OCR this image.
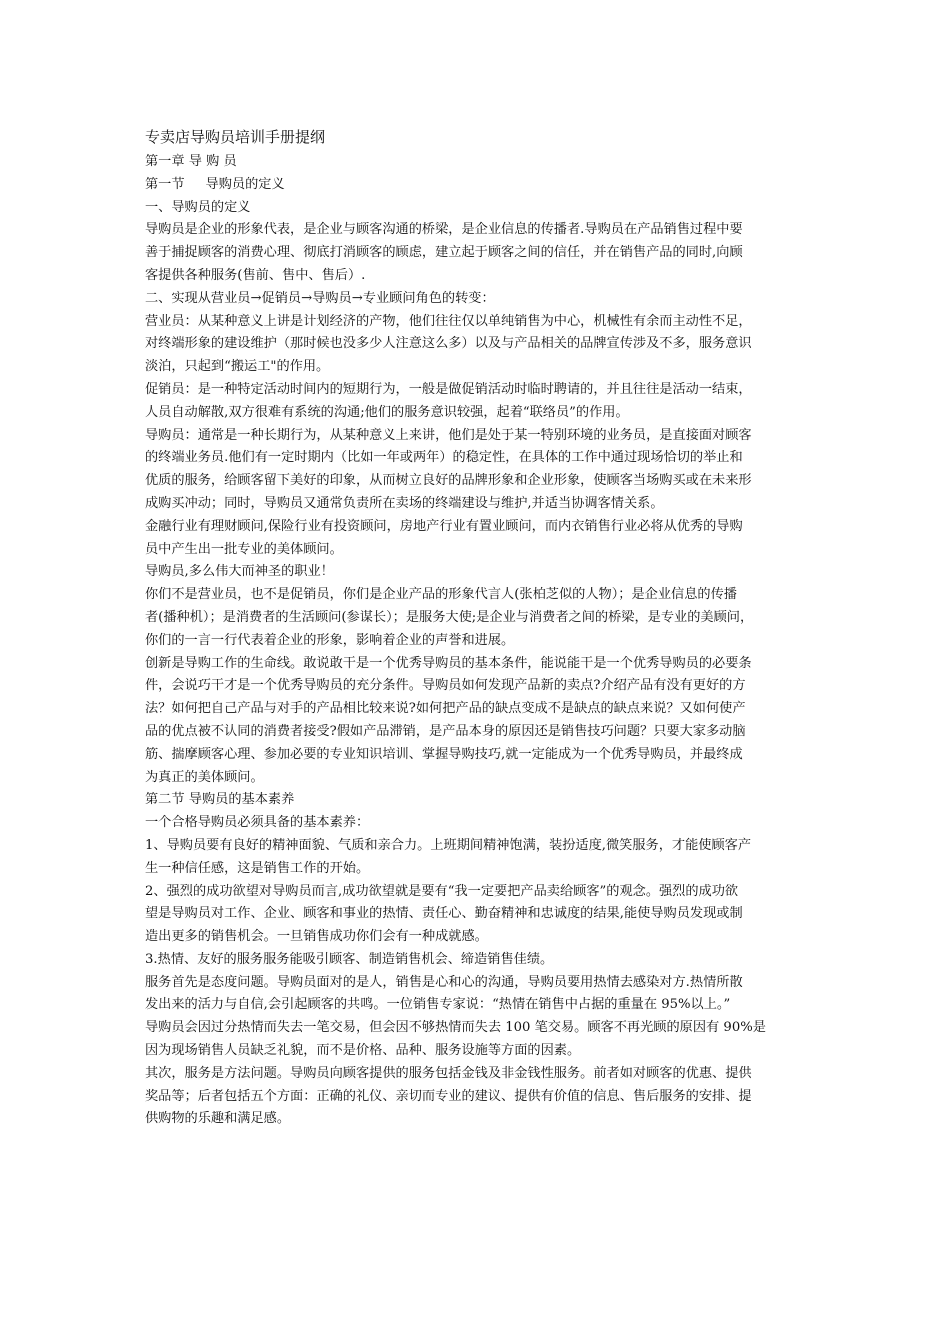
专卖店导购员培训手册提纲

第一章 导 购 员

第一节     导购员的定义

一、导购员的定义

导购员是企业的形象代表，是企业与顾客沟通的桥梁，是企业信息的传播者.导购员在产品销售过程中要

善于捕捉顾客的消费心理、彻底打消顾客的顾虑，建立起于顾客之间的信任，并在销售产品的同时,向顾

客提供各种服务(售前、售中、售后）.

二、实现从营业员→促销员→导购员→专业顾问角色的转变：

营业员：从某种意义上讲是计划经济的产物，他们往往仅以单纯销售为中心，机械性有余而主动性不足，

对终端形象的建设维护（那时候也没多少人注意这么多）以及与产品相关的品牌宣传涉及不多，服务意识

淡泊，只起到“搬运工"的作用。

促销员：是一种特定活动时间内的短期行为，一般是做促销活动时临时聘请的，并且往往是活动一结束，

人员自动解散,双方很难有系统的沟通;他们的服务意识较强，起着“联络员”的作用。

导购员：通常是一种长期行为，从某种意义上来讲，他们是处于某一特别环境的业务员，是直接面对顾客

的终端业务员.他们有一定时期内（比如一年或两年）的稳定性，在具体的工作中通过现场恰切的举止和

优质的服务，给顾客留下美好的印象，从而树立良好的品牌形象和企业形象，使顾客当场购买或在未来形

成购买冲动；同时，导购员又通常负责所在卖场的终端建设与维护,并适当协调客情关系。

金融行业有理财顾问,保险行业有投资顾问，房地产行业有置业顾问，而内衣销售行业必将从优秀的导购

员中产生出一批专业的美体顾问。

导购员,多么伟大而神圣的职业！

你们不是营业员，也不是促销员，你们是企业产品的形象代言人(张柏芝似的人物）；是企业信息的传播

者(播种机）；是消费者的生活顾问(参谋长）；是服务大使;是企业与消费者之间的桥梁，是专业的美顾问，

你们的一言一行代表着企业的形象，影响着企业的声誉和进展。

创新是导购工作的生命线。敢说敢干是一个优秀导购员的基本条件，能说能干是一个优秀导购员的必要条

件，会说巧干才是一个优秀导购员的充分条件。导购员如何发现产品新的卖点?介绍产品有没有更好的方

法？如何把自己产品与对手的产品相比较来说?如何把产品的缺点变成不是缺点的缺点来说？又如何使产

品的优点被不认同的消费者接受?假如产品滞销，是产品本身的原因还是销售技巧问题？只要大家多动脑

筋、揣摩顾客心理、参加必要的专业知识培训、掌握导购技巧,就一定能成为一个优秀导购员，并最终成

为真正的美体顾问。

第二节 导购员的基本素养

一个合格导购员必须具备的基本素养：

1、导购员要有良好的精神面貌、气质和亲合力。上班期间精神饱满，装扮适度,微笑服务，才能使顾客产

生一种信任感，这是销售工作的开始。

2、强烈的成功欲望对导购员而言,成功欲望就是要有“我一定要把产品卖给顾客”的观念。强烈的成功欲

望是导购员对工作、企业、顾客和事业的热情、责任心、勤奋精神和忠诚度的结果,能使导购员发现或制

造出更多的销售机会。一旦销售成功你们会有一种成就感。

3.热情、友好的服务服务能吸引顾客、制造销售机会、缔造销售佳绩。

服务首先是态度问题。导购员面对的是人，销售是心和心的沟通，导购员要用热情去感染对方.热情所散

发出来的活力与自信,会引起顾客的共鸣。一位销售专家说：“热情在销售中占据的重量在 95%以上。”

导购员会因过分热情而失去一笔交易，但会因不够热情而失去 100 笔交易。顾客不再光顾的原因有 90%是

因为现场销售人员缺乏礼貌，而不是价格、品种、服务设施等方面的因素。

其次，服务是方法问题。导购员向顾客提供的服务包括金钱及非金钱性服务。前者如对顾客的优惠、提供

奖品等；后者包括五个方面：正确的礼仪、亲切而专业的建议、提供有价值的信息、售后服务的安排、提

供购物的乐趣和满足感。
